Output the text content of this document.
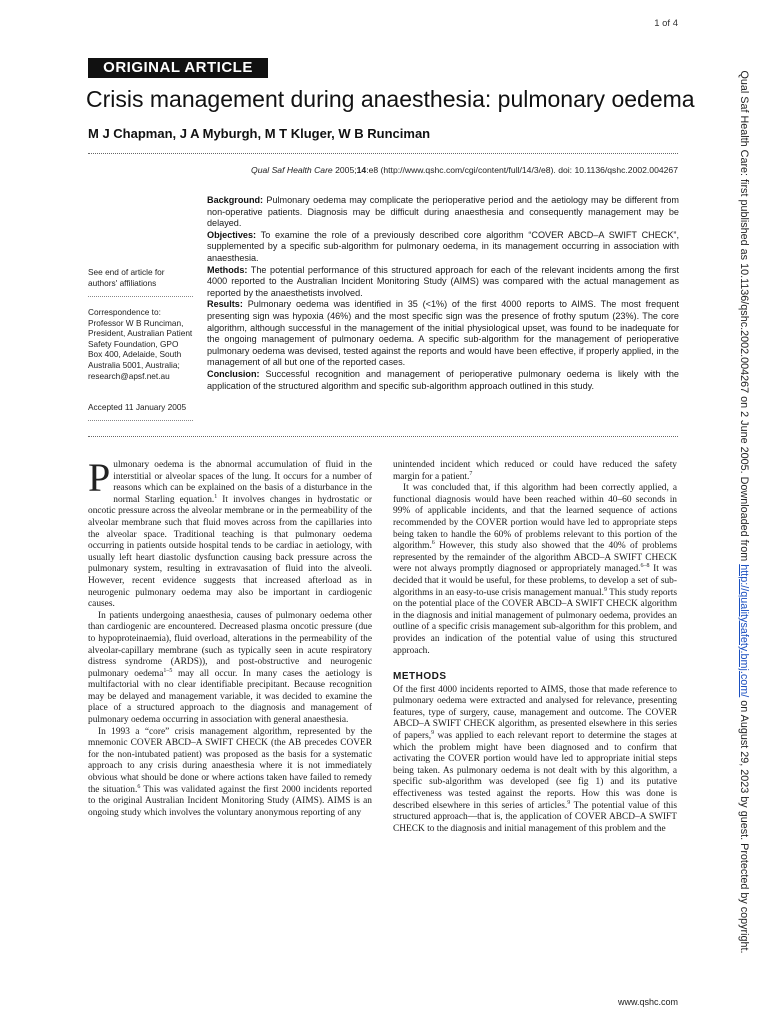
1 of 4
ORIGINAL ARTICLE
Crisis management during anaesthesia: pulmonary oedema
M J Chapman, J A Myburgh, M T Kluger, W B Runciman
Qual Saf Health Care 2005;14:e8 (http://www.qshc.com/cgi/content/full/14/3/e8). doi: 10.1136/qshc.2002.004267
See end of article for authors' affiliations
Correspondence to: Professor W B Runciman, President, Australian Patient Safety Foundation, GPO Box 400, Adelaide, South Australia 5001, Australia; research@apsf.net.au
Accepted 11 January 2005

Background: Pulmonary oedema may complicate the perioperative period and the aetiology may be different from non-operative patients. Diagnosis may be difficult during anaesthesia and consequently management may be delayed.

Objectives: To examine the role of a previously described core algorithm “COVER ABCD–A SWIFT CHECK”, supplemented by a specific sub-algorithm for pulmonary oedema, in its management occurring in association with anaesthesia.

Methods: The potential performance of this structured approach for each of the relevant incidents among the first 4000 reported to the Australian Incident Monitoring Study (AIMS) was compared with the actual management as reported by the anaesthetists involved.

Results: Pulmonary oedema was identified in 35 (<1%) of the first 4000 reports to AIMS. The most frequent presenting sign was hypoxia (46%) and the most specific sign was the presence of frothy sputum (23%). The core algorithm, although successful in the management of the initial physiological upset, was found to be inadequate for the ongoing management of pulmonary oedema. A specific sub-algorithm for the management of perioperative pulmonary oedema was devised, tested against the reports and would have been effective, if properly applied, in the management of all but one of the reported cases.

Conclusion: Successful recognition and management of perioperative pulmonary oedema is likely with the application of the structured algorithm and specific sub-algorithm approach outlined in this study.

Pulmonary oedema is the abnormal accumulation of fluid in the interstitial or alveolar spaces of the lung. It occurs for a number of reasons which can be explained on the basis of a disturbance in the normal Starling equation.$^1$ It involves changes in hydrostatic or oncotic pressure across the alveolar membrane or in the permeability of the alveolar membrane such that fluid moves across from the capillaries into the alveolar space. Traditional teaching is that pulmonary oedema occurring in patients outside hospital tends to be cardiac in aetiology, with usually left heart diastolic dysfunction causing back pressure across the pulmonary system, resulting in extravasation of fluid into the alveoli. However, recent evidence suggests that increased afterload as in neurogenic pulmonary oedema may also be important in cardiogenic causes.

In patients undergoing anaesthesia, causes of pulmonary oedema other than cardiogenic are encountered. Decreased plasma oncotic pressure (due to hypoproteinaemia), fluid overload, alterations in the permeability of the alveolar-capillary membrane (such as typically seen in acute respiratory distress syndrome (ARDS)), and post-obstructive and neurogenic pulmonary oedema$^{1-5}$ may all occur. In many cases the aetiology is multifactorial with no clear identifiable precipitant. Because recognition may be delayed and management variable, it was decided to examine the place of a structured approach to the diagnosis and management of pulmonary oedema occurring in association with general anaesthesia.

In 1993 a “core” crisis management algorithm, represented by the mnemonic COVER ABCD–A SWIFT CHECK (the AB precedes COVER for the non-intubated patient) was proposed as the basis for a systematic approach to any crisis during anaesthesia where it is not immediately obvious what should be done or where actions taken have failed to remedy the situation.$^6$ This was validated against the first 2000 incidents reported to the original Australian Incident Monitoring Study (AIMS). AIMS is an ongoing study which involves the voluntary anonymous reporting of any

unintended incident which reduced or could have reduced the safety margin for a patient.$^7$

It was concluded that, if this algorithm had been correctly applied, a functional diagnosis would have been reached within 40–60 seconds in 99% of applicable incidents, and that the learned sequence of actions recommended by the COVER portion would have led to appropriate steps being taken to handle the 60% of problems relevant to this portion of the algorithm.$^6$ However, this study also showed that the 40% of problems represented by the remainder of the algorithm ABCD–A SWIFT CHECK were not always promptly diagnosed or appropriately managed.$^{6-8}$ It was decided that it would be useful, for these problems, to develop a set of sub-algorithms in an easy-to-use crisis management manual.$^9$ This study reports on the potential place of the COVER ABCD–A SWIFT CHECK algorithm in the diagnosis and initial management of pulmonary oedema, provides an outline of a specific crisis management sub-algorithm for this problem, and provides an indication of the potential value of using this structured approach.

METHODS

Of the first 4000 incidents reported to AIMS, those that made reference to pulmonary oedema were extracted and analysed for relevance, presenting features, type of surgery, cause, management and outcome. The COVER ABCD–A SWIFT CHECK algorithm, as presented elsewhere in this series of papers,$^9$ was applied to each relevant report to determine the stages at which the problem might have been diagnosed and to confirm that activating the COVER portion would have led to appropriate initial steps being taken. As pulmonary oedema is not dealt with by this algorithm, a specific sub-algorithm was developed (see fig 1) and its putative effectiveness was tested against the reports. How this was done is described elsewhere in this series of articles.$^9$ The potential value of this structured approach—that is, the application of COVER ABCD–A SWIFT CHECK to the diagnosis and initial management of this problem and the

www.qshc.com
Qual Saf Health Care: first published as 10.1136/qshc.2002.004267 on 2 June 2005. Downloaded from http://qualitysafety.bmj.com/ on August 29, 2023 by guest. Protected by copyright.
